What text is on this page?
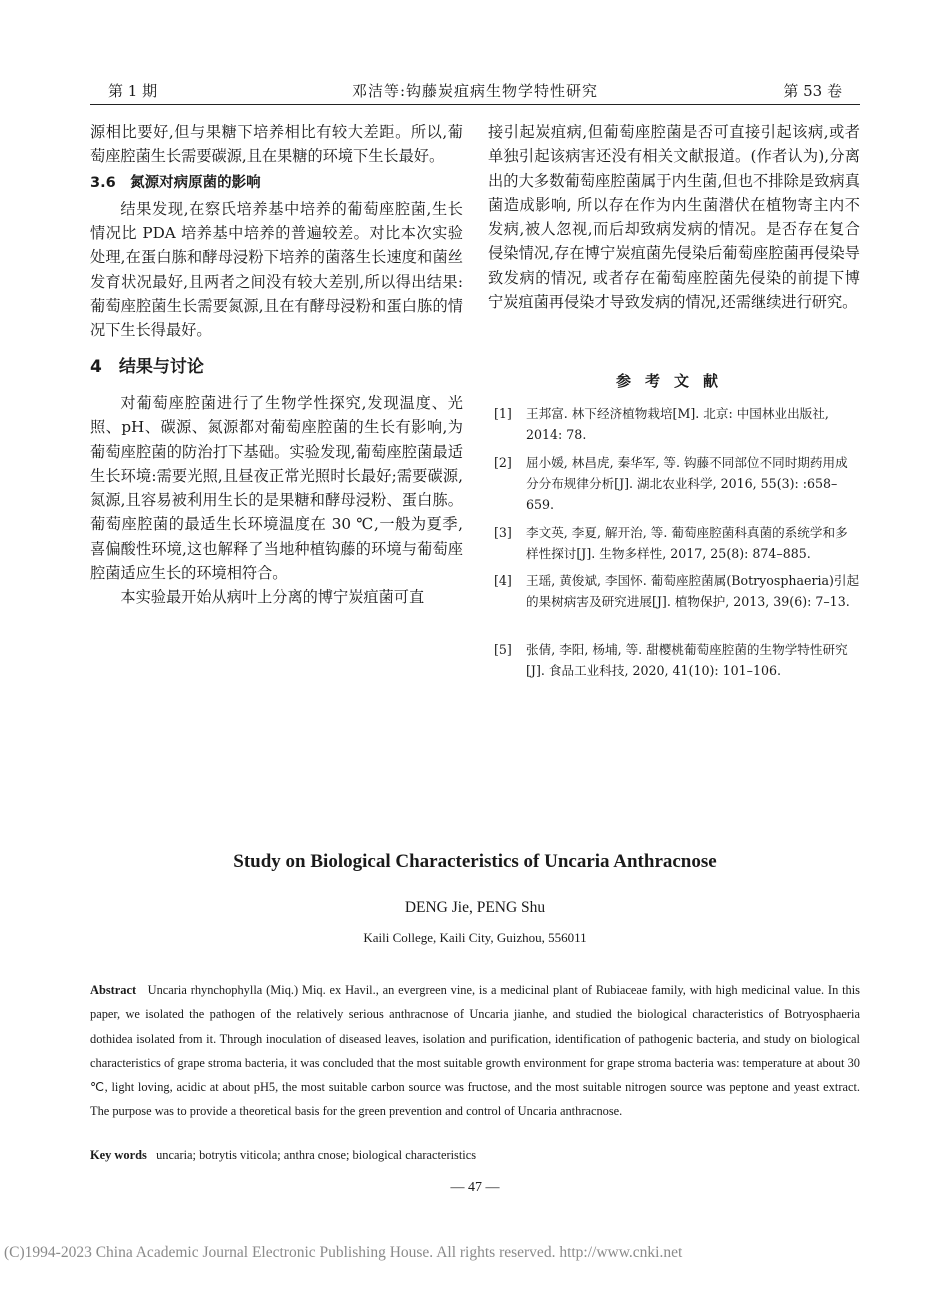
第 1 期	邓洁等:钩藤炭疽病生物学特性研究	第 53 卷

源相比要好,但与果糖下培养相比有较大差距。所以,葡萄座腔菌生长需要碳源,且在果糖的环境下生长最好。

3.6　氮源对病原菌的影响

结果发现,在察氏培养基中培养的葡萄座腔菌,生长情况比 PDA 培养基中培养的普遍较差。对比本次实验处理,在蛋白胨和酵母浸粉下培养的菌落生长速度和菌丝发育状况最好,且两者之间没有较大差别,所以得出结果:葡萄座腔菌生长需要氮源,且在有酵母浸粉和蛋白胨的情况下生长得最好。

4　结果与讨论

对葡萄座腔菌进行了生物学性探究,发现温度、光照、pH、碳源、氮源都对葡萄座腔菌的生长有影响,为葡萄座腔菌的防治打下基础。实验发现,葡萄座腔菌最适生长环境:需要光照,且昼夜正常光照时长最好;需要碳源,氮源,且容易被利用生长的是果糖和酵母浸粉、蛋白胨。葡萄座腔菌的最适生长环境温度在 30 ℃,一般为夏季,喜偏酸性环境,这也解释了当地种植钩藤的环境与葡萄座腔菌适应生长的环境相符合。

本实验最开始从病叶上分离的博宁炭疽菌可直

接引起炭疽病,但葡萄座腔菌是否可直接引起该病,或者单独引起该病害还没有相关文献报道。(作者认为),分离出的大多数葡萄座腔菌属于内生菌,但也不排除是致病真菌造成影响, 所以存在作为内生菌潜伏在植物寄主内不发病,被人忽视,而后却致病发病的情况。是否存在复合侵染情况,存在博宁炭疽菌先侵染后葡萄座腔菌再侵染导致发病的情况, 或者存在葡萄座腔菌先侵染的前提下博宁炭疽菌再侵染才导致发病的情况,还需继续进行研究。

参考文献
[1] 王邦富. 林下经济植物栽培[M]. 北京: 中国林业出版社, 2014: 78.
[2] 屈小媛, 林昌虎, 秦华军, 等. 钩藤不同部位不同时期药用成分分布规律分析[J]. 湖北农业科学, 2016, 55(3): :658–659.
[3] 李文英, 李夏, 解开治, 等. 葡萄座腔菌科真菌的系统学和多样性探讨[J]. 生物多样性, 2017, 25(8): 874–885.
[4] 王瑶, 黄俊斌, 李国怀. 葡萄座腔菌属(Botryosphaeria)引起的果树病害及研究进展[J]. 植物保护, 2013, 39(6): 7–13.
[5] 张倩, 李阳, 杨埔, 等. 甜樱桃葡萄座腔菌的生物学特性研究[J]. 食品工业科技, 2020, 41(10): 101–106.
Study on Biological Characteristics of Uncaria Anthracnose
DENG Jie, PENG Shu
Kaili College, Kaili City, Guizhou, 556011
Abstract Uncaria rhynchophylla (Miq.) Miq. ex Havil., an evergreen vine, is a medicinal plant of Rubiaceae family, with high medicinal value. In this paper, we isolated the pathogen of the relatively serious anthracnose of Uncaria jianhe, and studied the biological characteristics of Botryosphaeria dothidea isolated from it. Through inoculation of diseased leaves, isolation and purification, identification of pathogenic bacteria, and study on biological characteristics of grape stroma bacteria, it was concluded that the most suitable growth environment for grape stroma bacteria was: temperature at about 30 ℃, light loving, acidic at about pH5, the most suitable carbon source was fructose, and the most suitable nitrogen source was peptone and yeast extract. The purpose was to provide a theoretical basis for the green prevention and control of Uncaria anthracnose.
Key words uncaria; botrytis viticola; anthra cnose; biological characteristics
— 47 —
(C)1994-2023 China Academic Journal Electronic Publishing House. All rights reserved. http://www.cnki.net
